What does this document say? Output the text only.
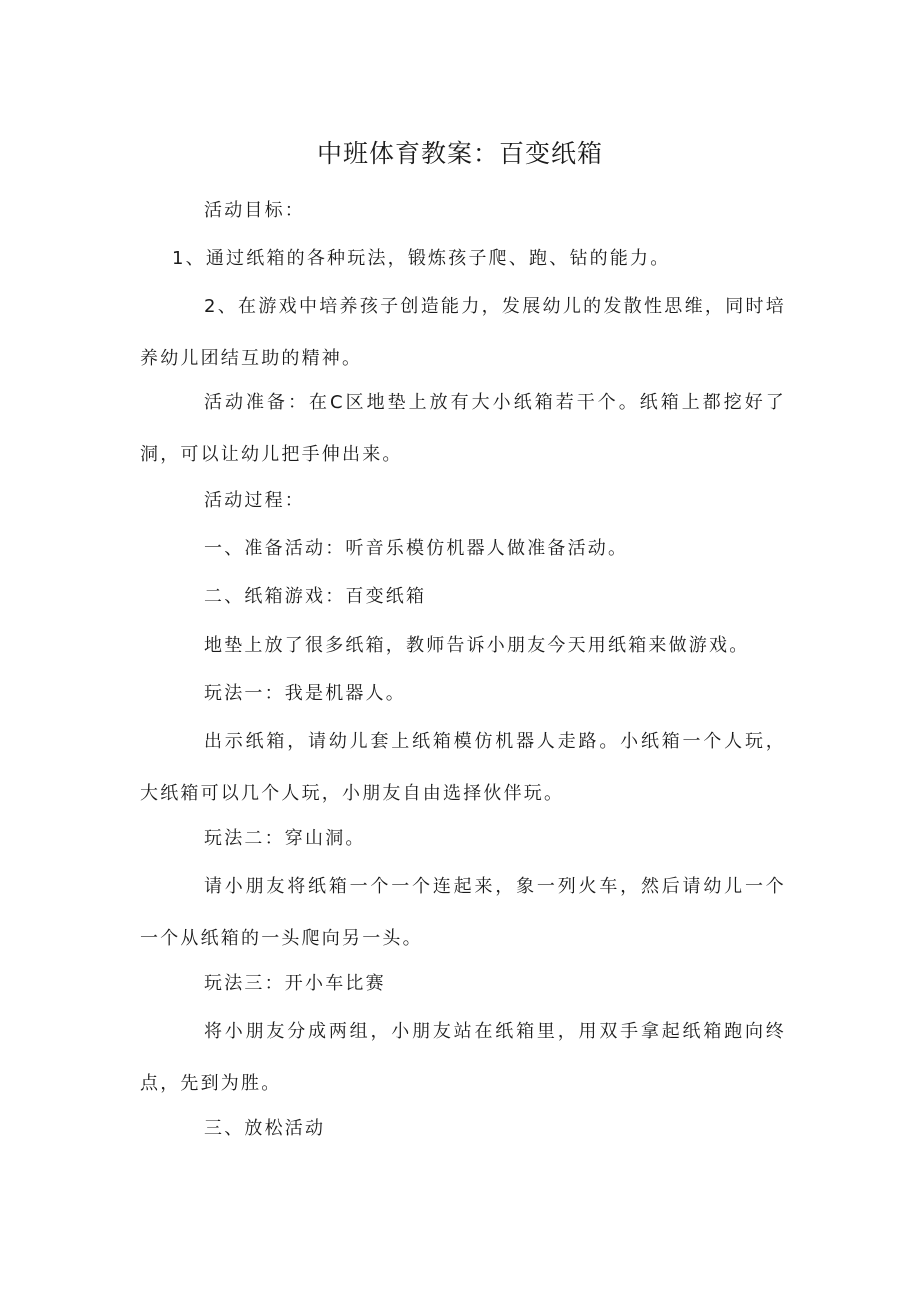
中班体育教案：百变纸箱

活动目标：

1、通过纸箱的各种玩法，锻炼孩子爬、跑、钻的能力。

2、在游戏中培养孩子创造能力，发展幼儿的发散性思维，同时培养幼儿团结互助的精神。

活动准备：在C区地垫上放有大小纸箱若干个。纸箱上都挖好了洞，可以让幼儿把手伸出来。

活动过程：

一、准备活动：听音乐模仿机器人做准备活动。

二、纸箱游戏：百变纸箱

地垫上放了很多纸箱，教师告诉小朋友今天用纸箱来做游戏。

玩法一：我是机器人。

出示纸箱，请幼儿套上纸箱模仿机器人走路。小纸箱一个人玩，大纸箱可以几个人玩，小朋友自由选择伙伴玩。

玩法二：穿山洞。

请小朋友将纸箱一个一个连起来，象一列火车，然后请幼儿一个一个从纸箱的一头爬向另一头。

玩法三：开小车比赛

将小朋友分成两组，小朋友站在纸箱里，用双手拿起纸箱跑向终点，先到为胜。

三、放松活动
